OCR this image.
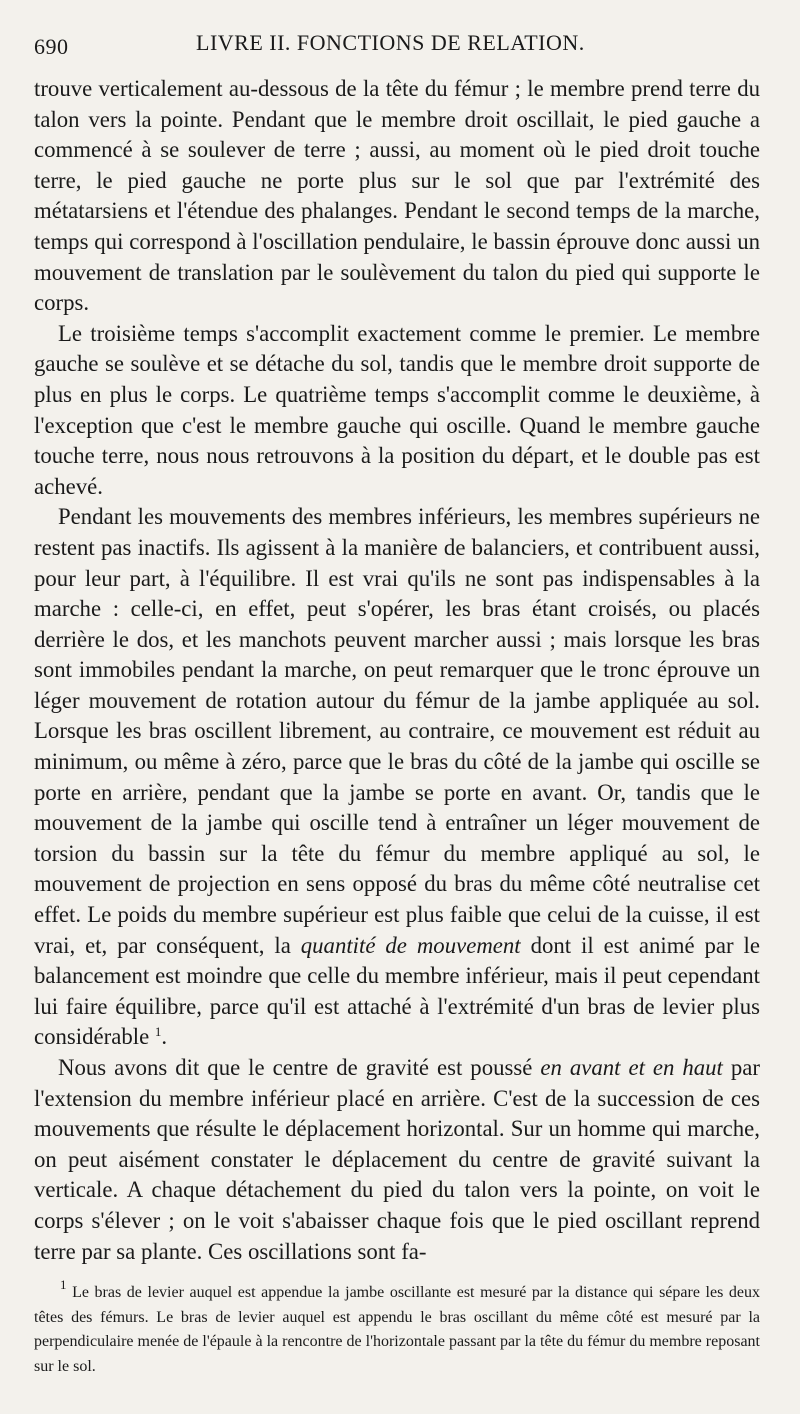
690	LIVRE II. FONCTIONS DE RELATION.

trouve verticalement au-dessous de la tête du fémur ; le membre prend terre du talon vers la pointe. Pendant que le membre droit oscillait, le pied gauche a commencé à se soulever de terre ; aussi, au moment où le pied droit touche terre, le pied gauche ne porte plus sur le sol que par l'extrémité des métatarsiens et l'étendue des phalanges. Pendant le second temps de la marche, temps qui correspond à l'oscillation pendulaire, le bassin éprouve donc aussi un mouvement de translation par le soulèvement du talon du pied qui supporte le corps.

Le troisième temps s'accomplit exactement comme le premier. Le membre gauche se soulève et se détache du sol, tandis que le membre droit supporte de plus en plus le corps. Le quatrième temps s'accomplit comme le deuxième, à l'exception que c'est le membre gauche qui oscille. Quand le membre gauche touche terre, nous nous retrouvons à la position du départ, et le double pas est achevé.

Pendant les mouvements des membres inférieurs, les membres supérieurs ne restent pas inactifs. Ils agissent à la manière de balanciers, et contribuent aussi, pour leur part, à l'équilibre. Il est vrai qu'ils ne sont pas indispensables à la marche : celle-ci, en effet, peut s'opérer, les bras étant croisés, ou placés derrière le dos, et les manchots peuvent marcher aussi ; mais lorsque les bras sont immobiles pendant la marche, on peut remarquer que le tronc éprouve un léger mouvement de rotation autour du fémur de la jambe appliquée au sol. Lorsque les bras oscillent librement, au contraire, ce mouvement est réduit au minimum, ou même à zéro, parce que le bras du côté de la jambe qui oscille se porte en arrière, pendant que la jambe se porte en avant. Or, tandis que le mouvement de la jambe qui oscille tend à entraîner un léger mouvement de torsion du bassin sur la tête du fémur du membre appliqué au sol, le mouvement de projection en sens opposé du bras du même côté neutralise cet effet. Le poids du membre supérieur est plus faible que celui de la cuisse, il est vrai, et, par conséquent, la quantité de mouvement dont il est animé par le balancement est moindre que celle du membre inférieur, mais il peut cependant lui faire équilibre, parce qu'il est attaché à l'extrémité d'un bras de levier plus considérable $^1$.

Nous avons dit que le centre de gravité est poussé en avant et en haut par l'extension du membre inférieur placé en arrière. C'est de la succession de ces mouvements que résulte le déplacement horizontal. Sur un homme qui marche, on peut aisément constater le déplacement du centre de gravité suivant la verticale. A chaque détachement du pied du talon vers la pointe, on voit le corps s'élever ; on le voit s'abaisser chaque fois que le pied oscillant reprend terre par sa plante. Ces oscillations sont fa-

$^1$ Le bras de levier auquel est appendue la jambe oscillante est mesuré par la distance qui sépare les deux têtes des fémurs. Le bras de levier auquel est appendu le bras oscillant du même côté est mesuré par la perpendiculaire menée de l'épaule à la rencontre de l'horizontale passant par la tête du fémur du membre reposant sur le sol.
